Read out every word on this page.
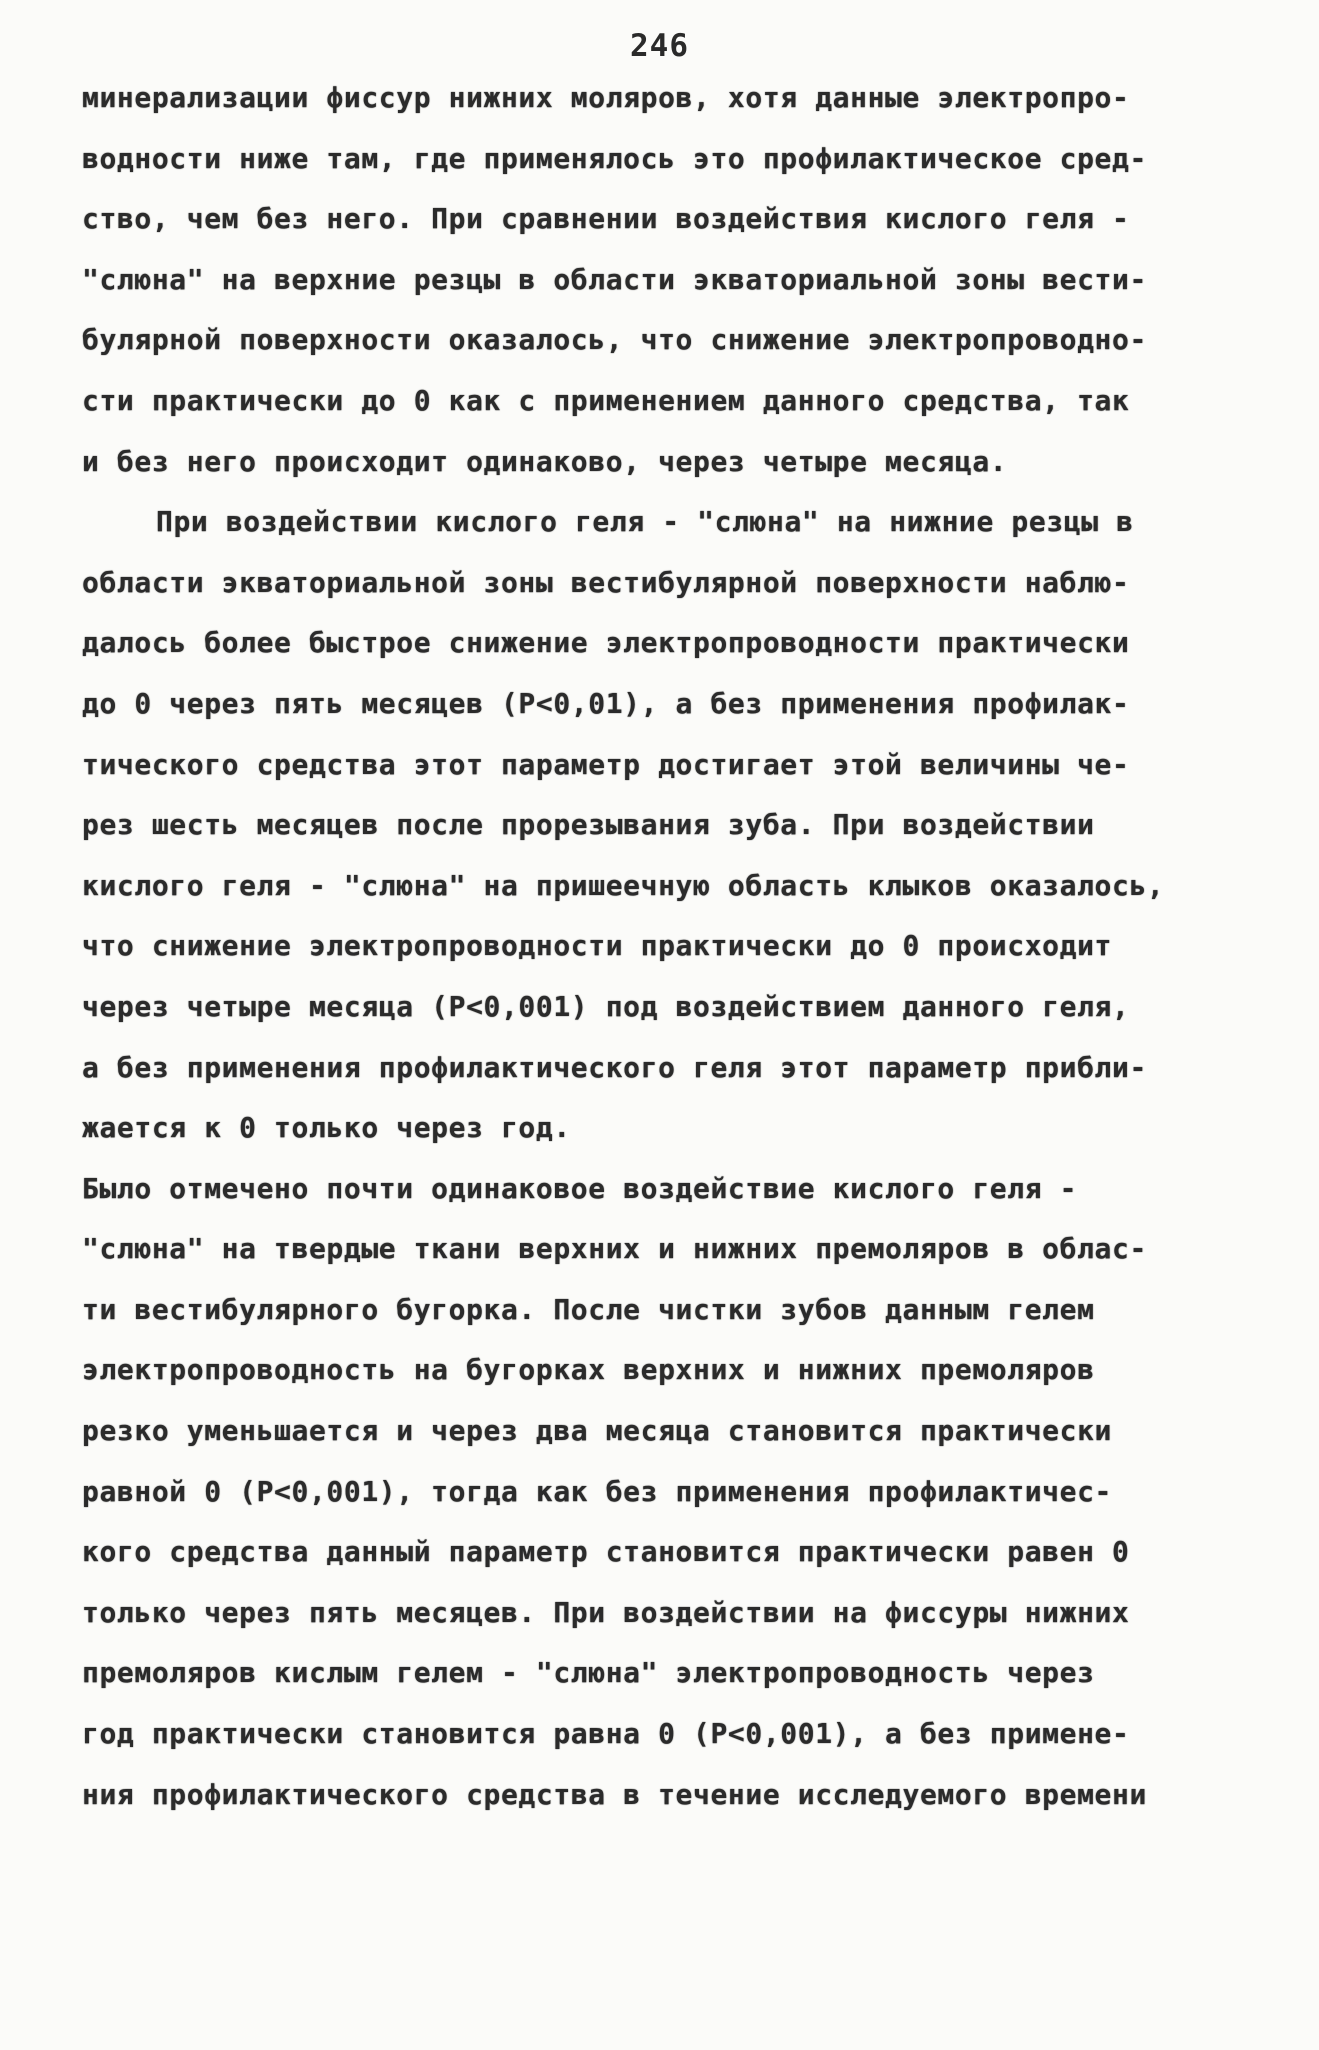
246
минерализации фиссур нижних моляров, хотя данные электропро-
водности ниже там, где применялось это профилактическое сред-
ство, чем без него. При сравнении воздействия кислого геля -
"слюна" на верхние резцы в области экваториальной зоны вести-
булярной поверхности оказалось, что снижение электропроводно-
сти практически до 0 как с применением данного средства, так
и без него происходит одинаково, через четыре месяца.
При воздействии кислого геля - "слюна" на нижние резцы в
области экваториальной зоны вестибулярной поверхности наблю-
далось более быстрое снижение электропроводности практически
до 0 через пять месяцев (P<0,01), а без применения профилак-
тического средства этот параметр достигает этой величины че-
рез шесть месяцев после прорезывания зуба. При воздействии
кислого геля - "слюна" на пришеечную область клыков оказалось,
что снижение электропроводности практически до 0 происходит
через четыре месяца (P<0,001) под воздействием данного геля,
а без применения профилактического геля этот параметр прибли-
жается к 0 только через год.
Было отмечено почти одинаковое воздействие кислого геля -
"слюна" на твердые ткани верхних и нижних премоляров в облас-
ти вестибулярного бугорка. После чистки зубов данным гелем
электропроводность на бугорках верхних и нижних премоляров
резко уменьшается и через два месяца становится практически
равной 0 (P<0,001), тогда как без применения профилактичес-
кого средства данный параметр становится практически равен 0
только через пять месяцев. При воздействии на фиссуры нижних
премоляров кислым гелем - "слюна" электропроводность через
год практически становится равна 0 (P<0,001), а без примене-
ния профилактического средства в течение исследуемого времени
